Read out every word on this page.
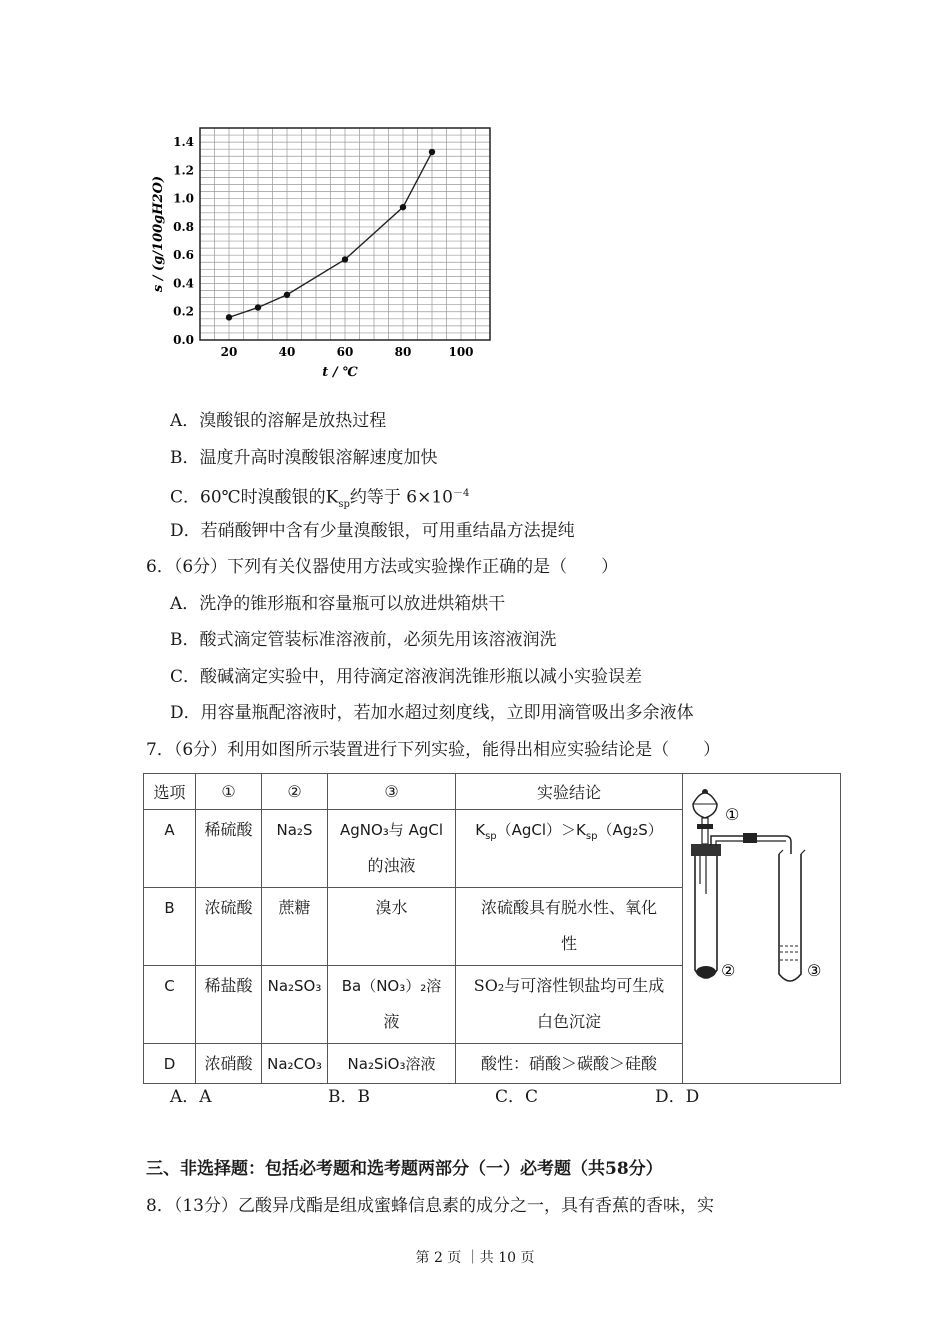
0.0
0.2
0.4
0.6
0.8
1.0
1.2
1.4
20	40	60	80	100
s / (g/100gH2O)
t / ℃
A．溴酸银的溶解是放热过程
B．温度升高时溴酸银溶解速度加快
C．60℃时溴酸银的$K_{sp}$约等于 $6\times 10^{-4}$
D．若硝酸钾中含有少量溴酸银，可用重结晶方法提纯
6．（6分）下列有关仪器使用方法或实验操作正确的是（　　）
A．洗净的锥形瓶和容量瓶可以放进烘箱烘干
B．酸式滴定管装标准溶液前，必须先用该溶液润洗
C．酸碱滴定实验中，用待滴定溶液润洗锥形瓶以减小实验误差
D．用容量瓶配溶液时，若加水超过刻度线，立即用滴管吸出多余液体
7．（6分）利用如图所示装置进行下列实验，能得出相应实验结论是（　　）
选项	①	②	③	实验结论	①
② ③

A	稀硫酸	Na₂S	AgNO₃与 AgCl
的浊液	$K_{sp}(AgCl)>K_{sp}(Ag_2S)$	

B	浓硫酸	蔗糖	溴水	浓硫酸具有脱水性、氧化
性	

C	稀盐酸	Na₂SO₃	Ba（NO₃）₂溶
液	SO₂与可溶性钡盐均可生成
白色沉淀	

D	浓硝酸	Na₂CO₃	Na₂SiO₃溶液	酸性：硝酸＞碳酸＞硅酸	
A．A	B．B	C．C	D．D
三、非选择题：包括必考题和选考题两部分（一）必考题（共58分）
8．（13分）乙酸异戊酯是组成蜜蜂信息素的成分之一，具有香蕉的香味，实
第 2 页 ｜共 10 页
